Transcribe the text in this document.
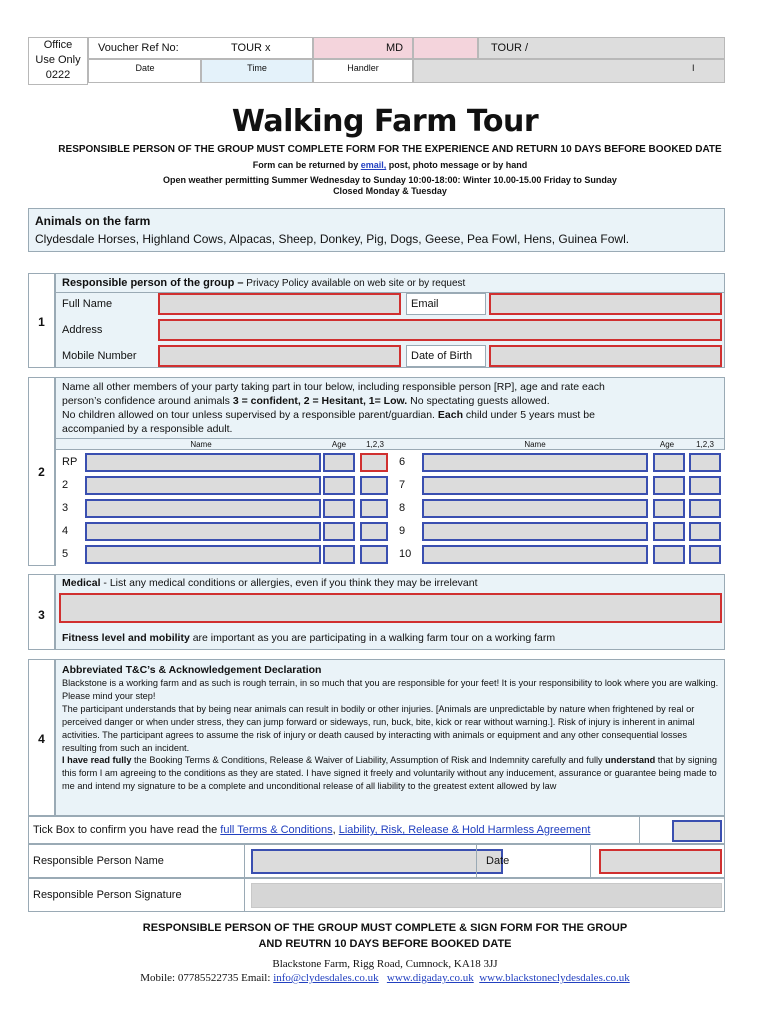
Office
Use Only
0222
Voucher Ref No:	TOUR x	MD	TOUR /
Date	Time	Handler	I
Walking Farm Tour
RESPONSIBLE PERSON OF THE GROUP MUST COMPLETE FORM FOR THE EXPERIENCE AND RETURN 10 DAYS BEFORE BOOKED DATE
Form can be returned by email, post, photo message or by hand
Open weather permitting Summer Wednesday to Sunday 10:00-18:00: Winter 10.00-15.00 Friday to Sunday
Closed Monday & Tuesday
Animals on the farm
Clydesdale Horses, Highland Cows, Alpacas, Sheep, Donkey, Pig, Dogs, Geese, Pea Fowl, Hens, Guinea Fowl.
1
Responsible person of the group – Privacy Policy available on web site or by request
Full Name	Email
Address
Mobile Number	Date of Birth
2
Name all other members of your party taking part in tour below, including responsible person [RP], age and rate each
person’s confidence around animals 3 = confident, 2 = Hesitant, 1= Low. No spectating guests allowed.
No children allowed on tour unless supervised by a responsible parent/guardian. Each child under 5 years must be
accompanied by a responsible adult.
Name	Age	1,2,3	Name	Age	1,2,3
RP
2
3
4
5
6
7
8
9
10
3
Medical - List any medical conditions or allergies, even if you think they may be irrelevant
Fitness level and mobility are important as you are participating in a walking farm tour on a working farm
4
Abbreviated T&C’s & Acknowledgement Declaration
Blackstone is a working farm and as such is rough terrain, in so much that you are responsible for your feet! It is your responsibility to look where you are walking. Please mind your step!
The participant understands that by being near animals can result in bodily or other injuries. [Animals are unpredictable by nature when frightened by real or perceived danger or when under stress, they can jump forward or sideways, run, buck, bite, kick or rear without warning.]. Risk of injury is inherent in animal activities. The participant agrees to assume the risk of injury or death caused by interacting with animals or equipment and any other consequential losses resulting from such an incident.
I have read fully the Booking Terms & Conditions, Release & Waiver of Liability, Assumption of Risk and Indemnity carefully and fully understand that by signing this form I am agreeing to the conditions as they are stated. I have signed it freely and voluntarily without any inducement, assurance or guarantee being made to me and intend my signature to be a complete and unconditional release of all liability to the greatest extent allowed by law
Tick Box to confirm you have read the full Terms & Conditions, Liability, Risk, Release & Hold Harmless Agreement
Responsible Person Name	Date
Responsible Person Signature
RESPONSIBLE PERSON OF THE GROUP MUST COMPLETE & SIGN FORM FOR THE GROUP
AND REUTRN 10 DAYS BEFORE BOOKED DATE
Blackstone Farm, Rigg Road, Cumnock, KA18 3JJ
Mobile: 07785522735 Email: info@clydesdales.co.uk www.digaday.co.uk www.blackstoneclydesdales.co.uk
